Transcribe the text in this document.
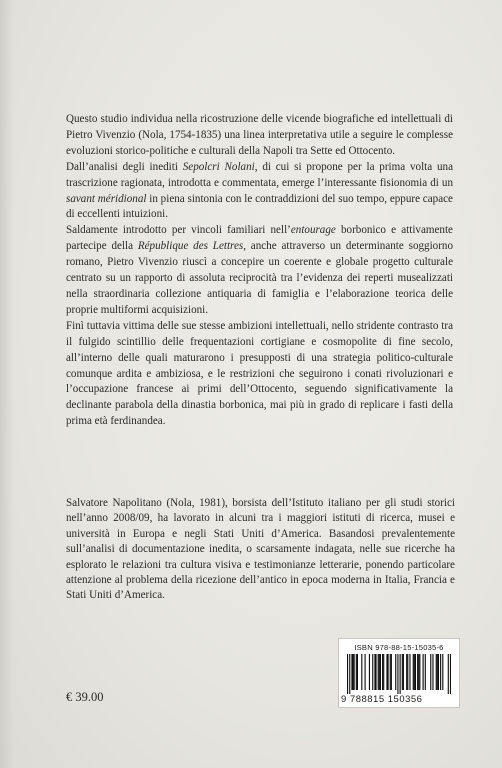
Questo studio individua nella ricostruzione delle vicende biografiche ed intellettuali di Pietro Vivenzio (Nola, 1754-1835) una linea interpretativa utile a seguire le complesse evoluzioni storico-politiche e culturali della Napoli tra Sette ed Ottocento.

Dall’analisi degli inediti Sepolcri Nolani, di cui si propone per la prima volta una trascrizione ragionata, introdotta e commentata, emerge l’interessante fisionomia di un savant méridional in piena sintonia con le contraddizioni del suo tempo, eppure capace di eccellenti intuizioni.

Saldamente introdotto per vincoli familiari nell’entourage borbonico e attivamente partecipe della République des Lettres, anche attraverso un determinante soggiorno romano, Pietro Vivenzio riuscì a concepire un coerente e globale progetto culturale centrato su un rapporto di assoluta reciprocità tra l’evidenza dei reperti musealizzati nella straordinaria collezione antiquaria di famiglia e l’elaborazione teorica delle proprie multiformi acquisizioni.

Finì tuttavia vittima delle sue stesse ambizioni intellettuali, nello stridente contrasto tra il fulgido scintillio delle frequentazioni cortigiane e cosmopolite di fine secolo, all’interno delle quali maturarono i presupposti di una strategia politico-culturale comunque ardita e ambiziosa, e le restrizioni che seguirono i conati rivoluzionari e l’occupazione francese ai primi dell’Ottocento, seguendo significativamente la declinante parabola della dinastia borbonica, mai più in grado di replicare i fasti della prima età ferdinandea.

Salvatore Napolitano (Nola, 1981), borsista dell’Istituto italiano per gli studi storici nell’anno 2008/09, ha lavorato in alcuni tra i maggiori istituti di ricerca, musei e università in Europa e negli Stati Uniti d’America. Basandosi prevalentemente sull’analisi di documentazione inedita, o scarsamente indagata, nelle sue ricerche ha esplorato le relazioni tra cultura visiva e testimonianze letterarie, ponendo particolare attenzione al problema della ricezione dell’antico in epoca moderna in Italia, Francia e Stati Uniti d’America.

ISBN 978-88-15-15035-6
9 788815 150356
€ 39.00
